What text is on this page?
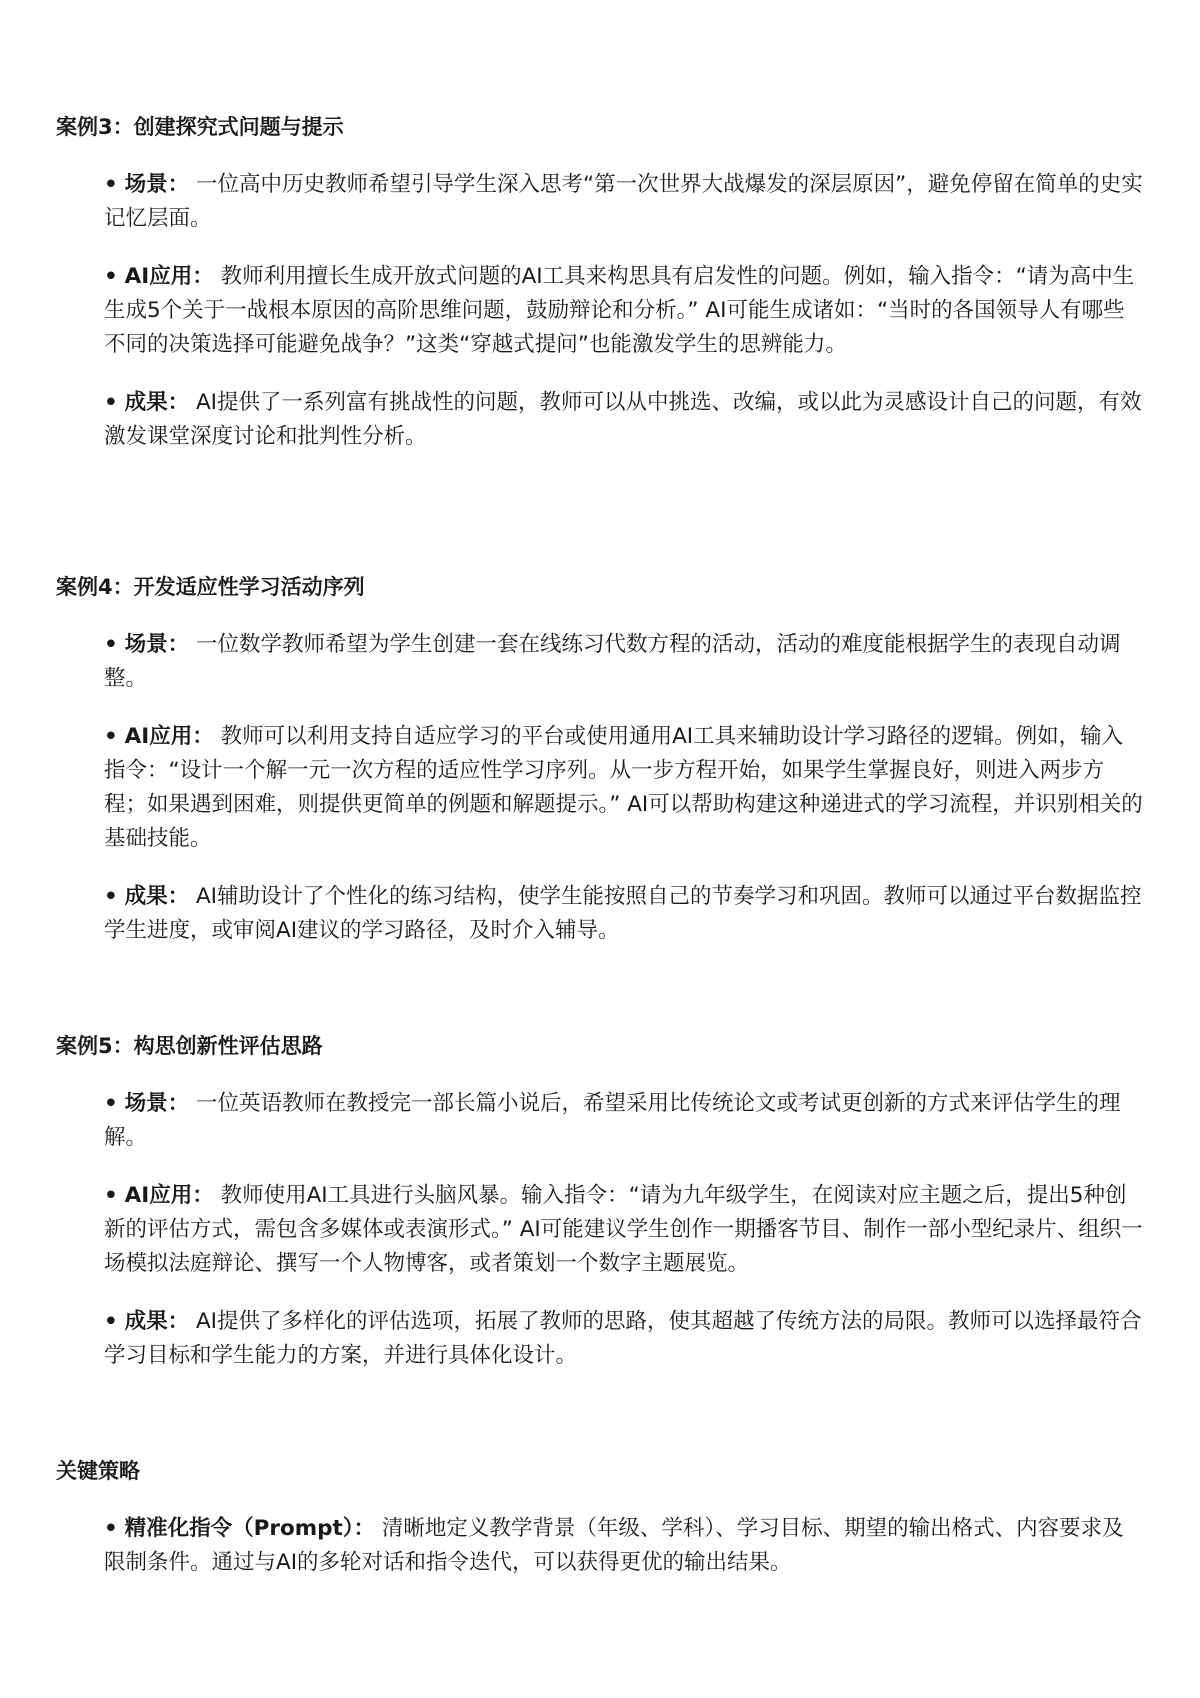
案例3：创建探究式问题与提示

• 场景： 一位高中历史教师希望引导学生深入思考“第一次世界大战爆发的深层原因”，避免停留在简单的史实记忆层面。

• AI应用： 教师利用擅长生成开放式问题的AI工具来构思具有启发性的问题。例如，输入指令：“请为高中生生成5个关于一战根本原因的高阶思维问题，鼓励辩论和分析。” AI可能生成诸如：“当时的各国领导人有哪些不同的决策选择可能避免战争？”这类“穿越式提问”也能激发学生的思辨能力。

• 成果： AI提供了一系列富有挑战性的问题，教师可以从中挑选、改编，或以此为灵感设计自己的问题，有效激发课堂深度讨论和批判性分析。

案例4：开发适应性学习活动序列

• 场景： 一位数学教师希望为学生创建一套在线练习代数方程的活动，活动的难度能根据学生的表现自动调整。

• AI应用： 教师可以利用支持自适应学习的平台或使用通用AI工具来辅助设计学习路径的逻辑。例如，输入指令：“设计一个解一元一次方程的适应性学习序列。从一步方程开始，如果学生掌握良好，则进入两步方程；如果遇到困难，则提供更简单的例题和解题提示。” AI可以帮助构建这种递进式的学习流程，并识别相关的基础技能。

• 成果： AI辅助设计了个性化的练习结构，使学生能按照自己的节奏学习和巩固。教师可以通过平台数据监控学生进度，或审阅AI建议的学习路径，及时介入辅导。

案例5：构思创新性评估思路

• 场景： 一位英语教师在教授完一部长篇小说后，希望采用比传统论文或考试更创新的方式来评估学生的理解。

• AI应用： 教师使用AI工具进行头脑风暴。输入指令：“请为九年级学生，在阅读对应主题之后，提出5种创新的评估方式，需包含多媒体或表演形式。” AI可能建议学生创作一期播客节目、制作一部小型纪录片、组织一场模拟法庭辩论、撰写一个人物博客，或者策划一个数字主题展览。

• 成果： AI提供了多样化的评估选项，拓展了教师的思路，使其超越了传统方法的局限。教师可以选择最符合学习目标和学生能力的方案，并进行具体化设计。

关键策略

• 精准化指令（Prompt）： 清晰地定义教学背景（年级、学科）、学习目标、期望的输出格式、内容要求及限制条件。通过与AI的多轮对话和指令迭代，可以获得更优的输出结果。
